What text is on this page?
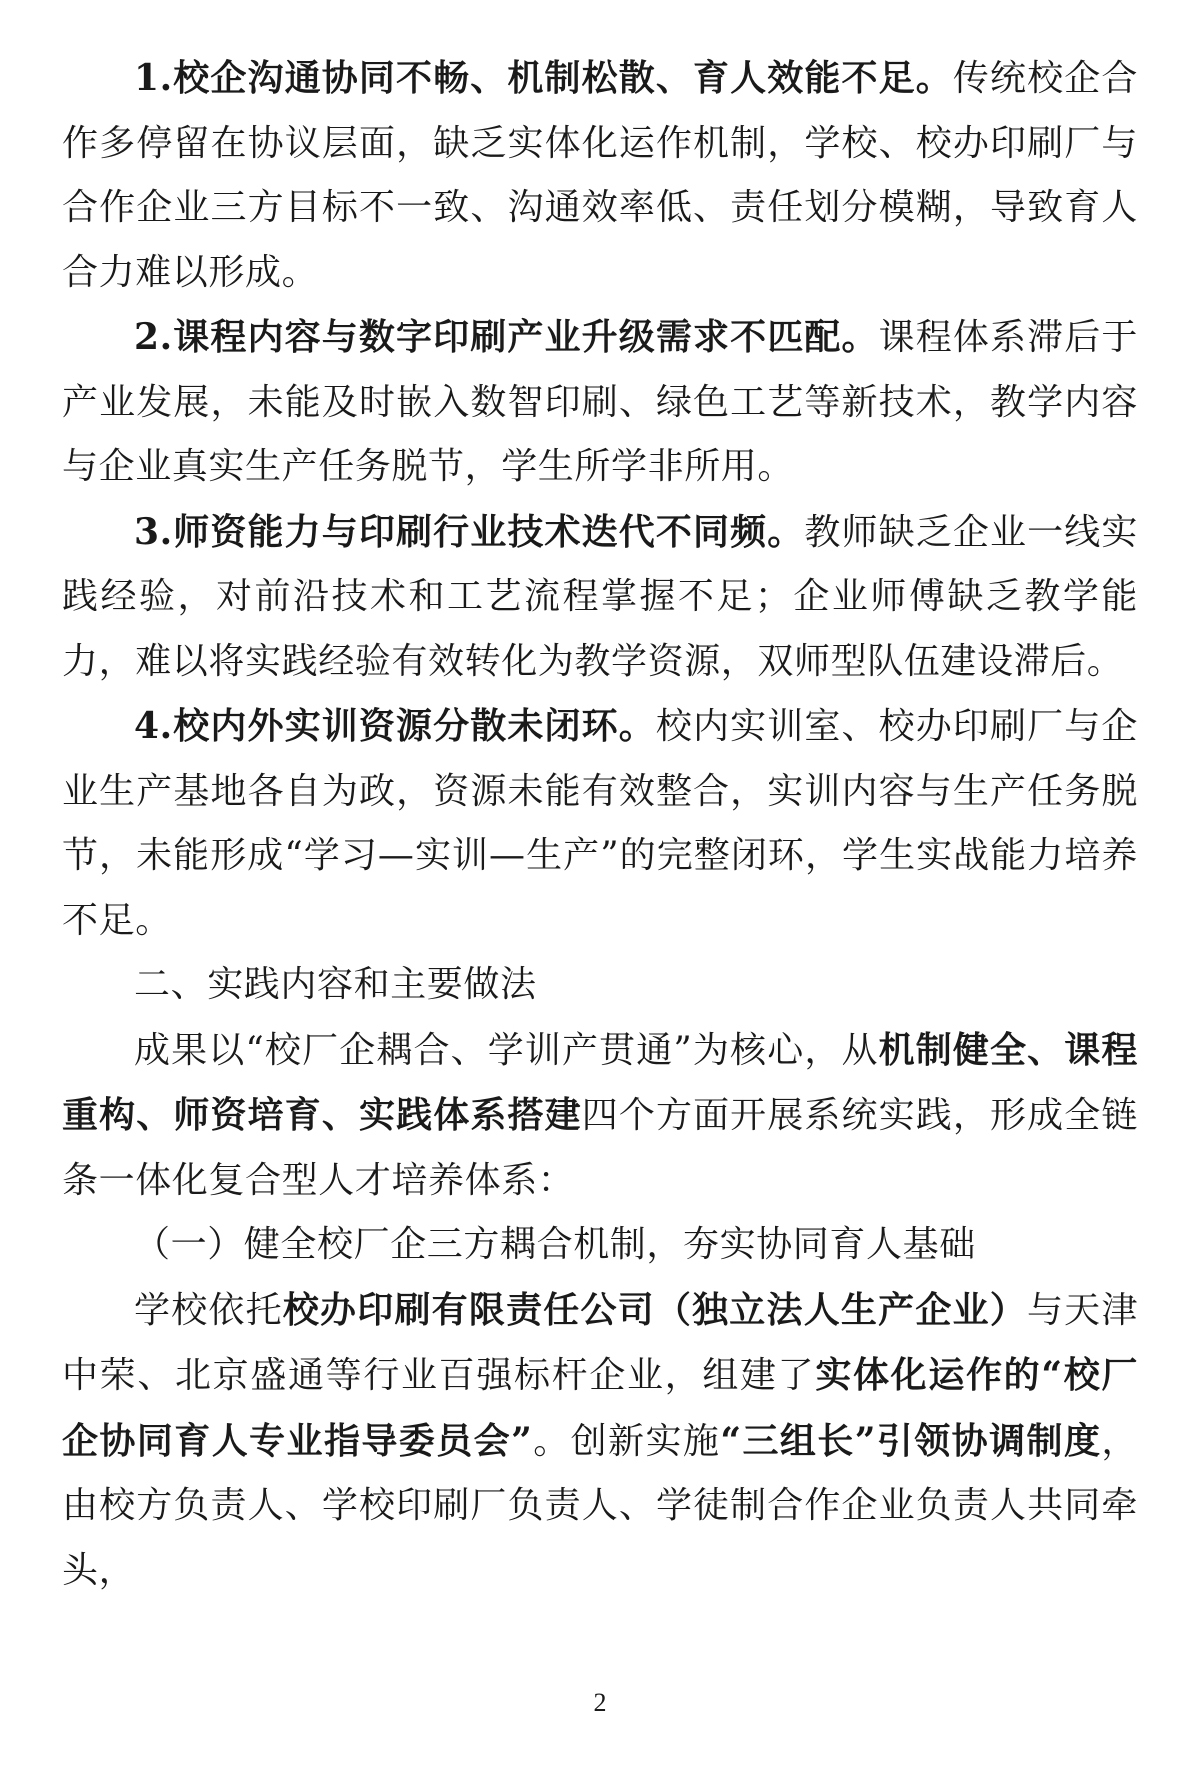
1.校企沟通协同不畅、机制松散、育人效能不足。传统校企合作多停留在协议层面，缺乏实体化运作机制，学校、校办印刷厂与合作企业三方目标不一致、沟通效率低、责任划分模糊，导致育人合力难以形成。

2.课程内容与数字印刷产业升级需求不匹配。课程体系滞后于产业发展，未能及时嵌入数智印刷、绿色工艺等新技术，教学内容与企业真实生产任务脱节，学生所学非所用。

3.师资能力与印刷行业技术迭代不同频。教师缺乏企业一线实践经验，对前沿技术和工艺流程掌握不足；企业师傅缺乏教学能力，难以将实践经验有效转化为教学资源，双师型队伍建设滞后。

4.校内外实训资源分散未闭环。校内实训室、校办印刷厂与企业生产基地各自为政，资源未能有效整合，实训内容与生产任务脱节，未能形成“学习—实训—生产”的完整闭环，学生实战能力培养不足。

二、实践内容和主要做法

成果以“校厂企耦合、学训产贯通”为核心，从机制健全、课程重构、师资培育、实践体系搭建四个方面开展系统实践，形成全链条一体化复合型人才培养体系：

（一）健全校厂企三方耦合机制，夯实协同育人基础

学校依托校办印刷有限责任公司（独立法人生产企业）与天津中荣、北京盛通等行业百强标杆企业，组建了实体化运作的“校厂企协同育人专业指导委员会”。创新实施“三组长”引领协调制度，由校方负责人、学校印刷厂负责人、学徒制合作企业负责人共同牵头，

2
